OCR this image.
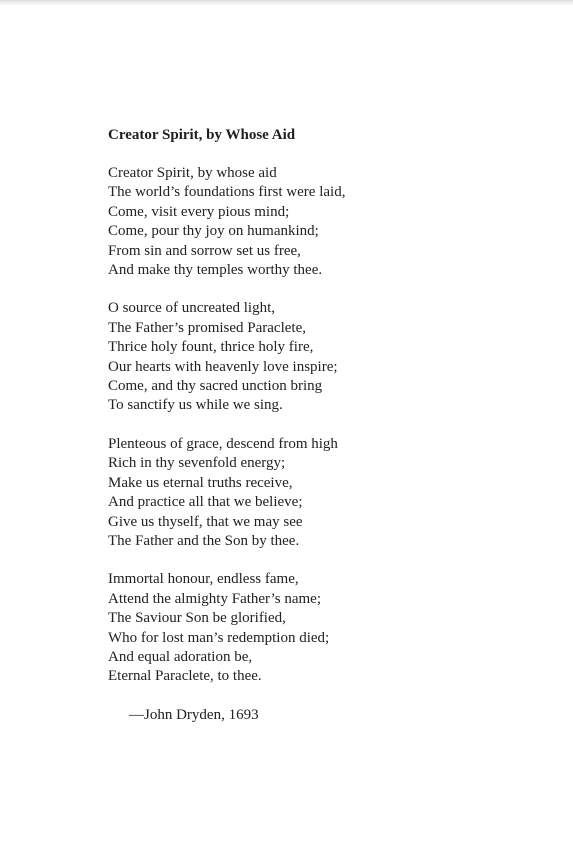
Creator Spirit, by Whose Aid
Creator Spirit, by whose aid
The world’s foundations first were laid,
Come, visit every pious mind;
Come, pour thy joy on humankind;
From sin and sorrow set us free,
And make thy temples worthy thee.
O source of uncreated light,
The Father’s promised Paraclete,
Thrice holy fount, thrice holy fire,
Our hearts with heavenly love inspire;
Come, and thy sacred unction bring
To sanctify us while we sing.
Plenteous of grace, descend from high
Rich in thy sevenfold energy;
Make us eternal truths receive,
And practice all that we believe;
Give us thyself, that we may see
The Father and the Son by thee.
Immortal honour, endless fame,
Attend the almighty Father’s name;
The Saviour Son be glorified,
Who for lost man’s redemption died;
And equal adoration be,
Eternal Paraclete, to thee.
—John Dryden, 1693
